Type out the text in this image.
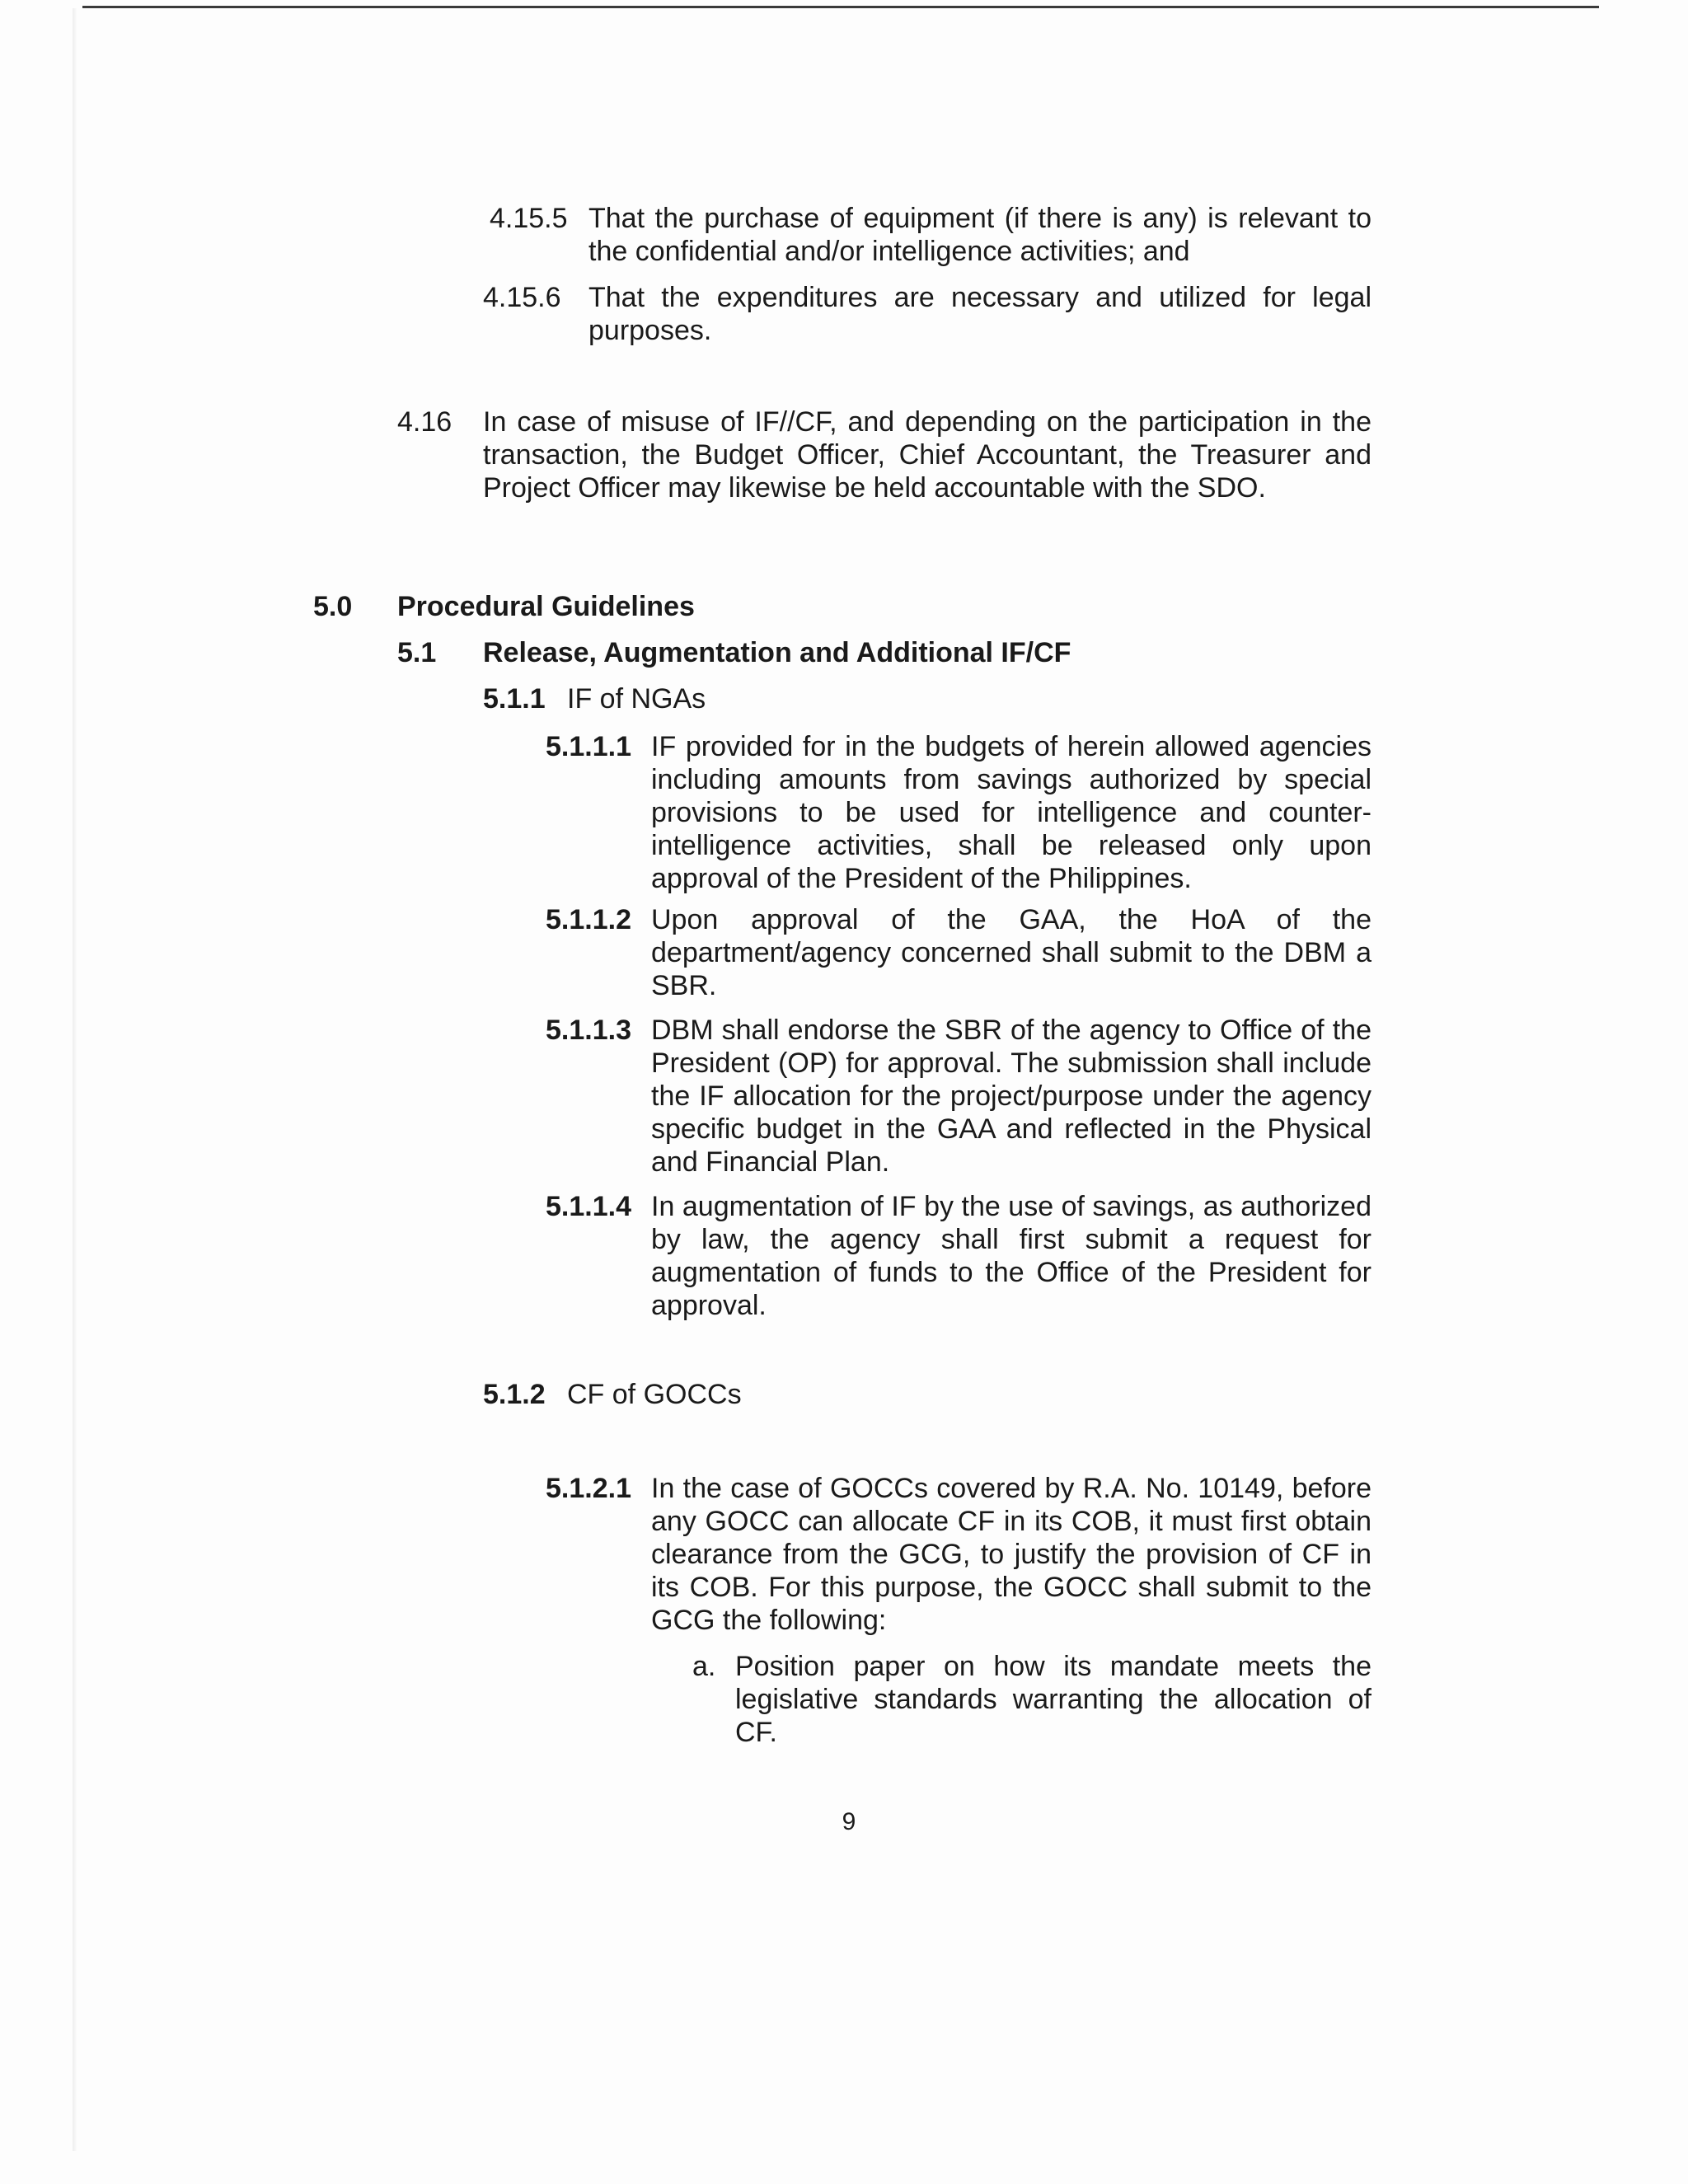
4.15.5 That the purchase of equipment (if there is any) is relevant to the confidential and/or intelligence activities; and
4.15.6 That the expenditures are necessary and utilized for legal purposes.
4.16 In case of misuse of IF//CF, and depending on the participation in the transaction, the Budget Officer, Chief Accountant, the Treasurer and Project Officer may likewise be held accountable with the SDO.
5.0 Procedural Guidelines
5.1 Release, Augmentation and Additional IF/CF
5.1.1 IF of NGAs
5.1.1.1 IF provided for in the budgets of herein allowed agencies including amounts from savings authorized by special provisions to be used for intelligence and counter-intelligence activities, shall be released only upon approval of the President of the Philippines.
5.1.1.2 Upon approval of the GAA, the HoA of the department/agency concerned shall submit to the DBM a SBR.
5.1.1.3 DBM shall endorse the SBR of the agency to Office of the President (OP) for approval. The submission shall include the IF allocation for the project/purpose under the agency specific budget in the GAA and reflected in the Physical and Financial Plan.
5.1.1.4 In augmentation of IF by the use of savings, as authorized by law, the agency shall first submit a request for augmentation of funds to the Office of the President for approval.
5.1.2 CF of GOCCs
5.1.2.1 In the case of GOCCs covered by R.A. No. 10149, before any GOCC can allocate CF in its COB, it must first obtain clearance from the GCG, to justify the provision of CF in its COB. For this purpose, the GOCC shall submit to the GCG the following:
a. Position paper on how its mandate meets the legislative standards warranting the allocation of CF.
9
